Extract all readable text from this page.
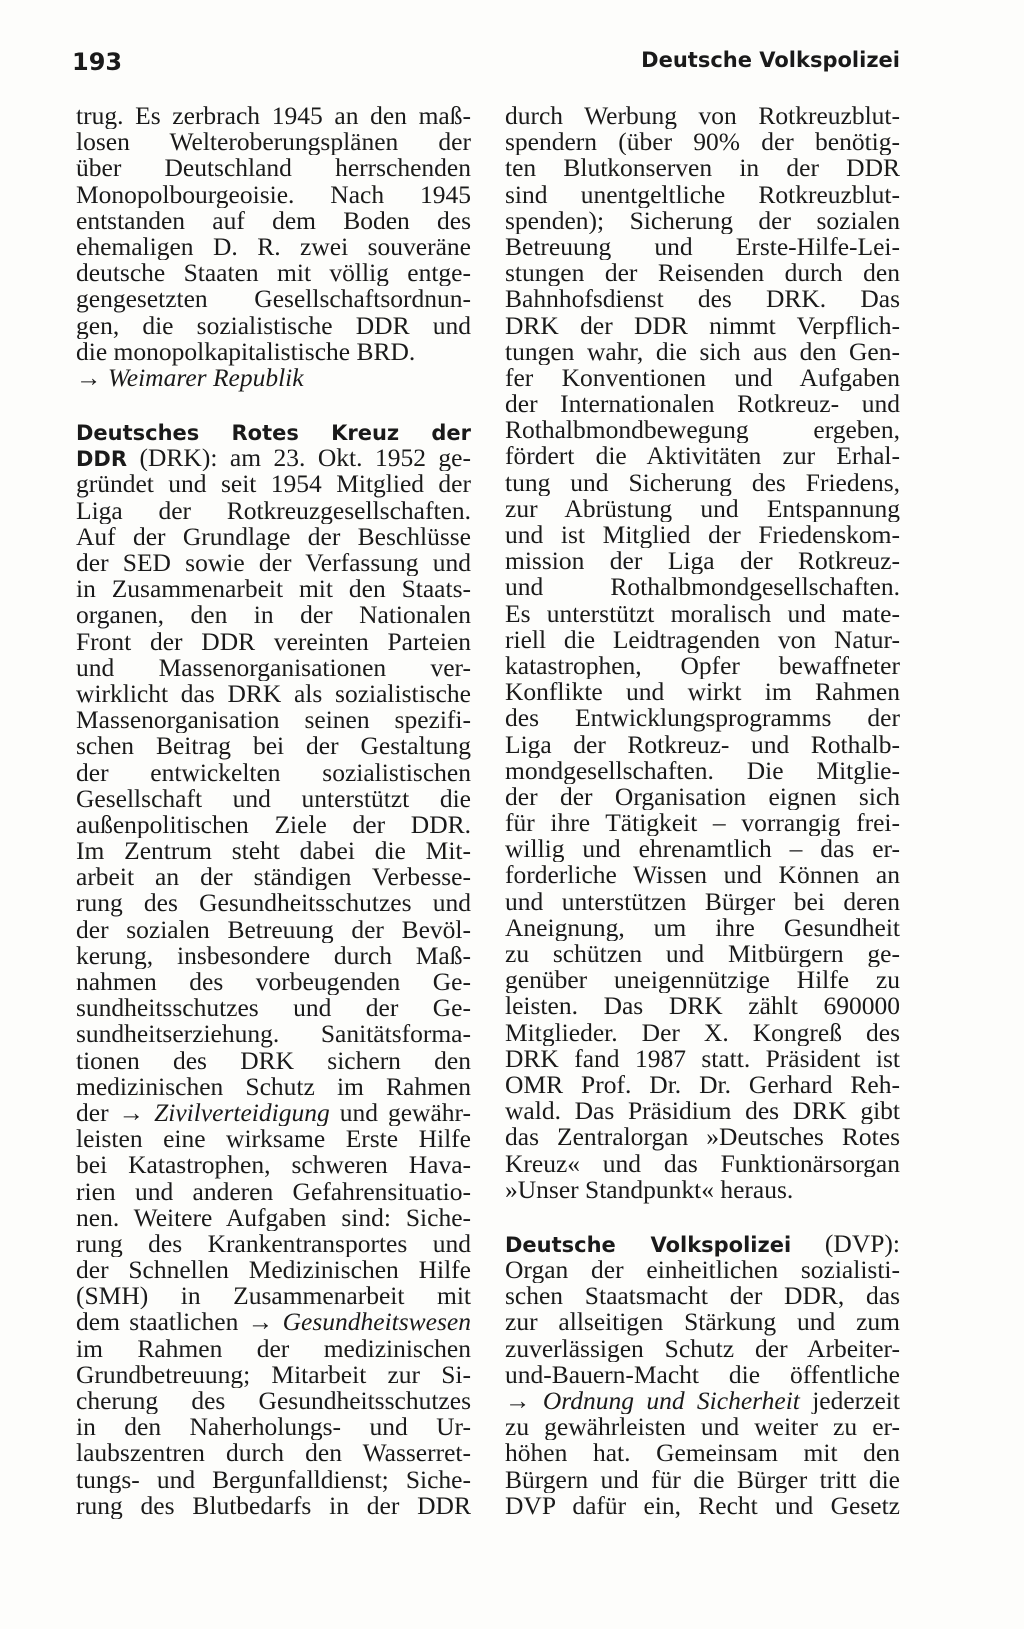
193	Deutsche Volkspolizei
trug. Es zerbrach 1945 an den maß-
losen Welteroberungsplänen der
über Deutschland herrschenden
Monopolbourgeoisie. Nach 1945
entstanden auf dem Boden des
ehemaligen D. R. zwei souveräne
deutsche Staaten mit völlig entge-
gengesetzten Gesellschaftsordnun-
gen, die sozialistische DDR und
die monopolkapitalistische BRD.
→ Weimarer Republik
Deutsches Rotes Kreuz der
DDR (DRK): am 23. Okt. 1952 ge-
gründet und seit 1954 Mitglied der
Liga der Rotkreuzgesellschaften.
Auf der Grundlage der Beschlüsse
der SED sowie der Verfassung und
in Zusammenarbeit mit den Staats-
organen, den in der Nationalen
Front der DDR vereinten Parteien
und Massenorganisationen ver-
wirklicht das DRK als sozialistische
Massenorganisation seinen spezifi-
schen Beitrag bei der Gestaltung
der entwickelten sozialistischen
Gesellschaft und unterstützt die
außenpolitischen Ziele der DDR.
Im Zentrum steht dabei die Mit-
arbeit an der ständigen Verbesse-
rung des Gesundheitsschutzes und
der sozialen Betreuung der Bevöl-
kerung, insbesondere durch Maß-
nahmen des vorbeugenden Ge-
sundheitsschutzes und der Ge-
sundheitserziehung. Sanitätsforma-
tionen des DRK sichern den
medizinischen Schutz im Rahmen
der → Zivilverteidigung und gewähr-
leisten eine wirksame Erste Hilfe
bei Katastrophen, schweren Hava-
rien und anderen Gefahrensituatio-
nen. Weitere Aufgaben sind: Siche-
rung des Krankentransportes und
der Schnellen Medizinischen Hilfe
(SMH) in Zusammenarbeit mit
dem staatlichen → Gesundheitswesen
im Rahmen der medizinischen
Grundbetreuung; Mitarbeit zur Si-
cherung des Gesundheitsschutzes
in den Naherholungs- und Ur-
laubszentren durch den Wasserret-
tungs- und Bergunfalldienst; Siche-
rung des Blutbedarfs in der DDR
durch Werbung von Rotkreuzblut-
spendern (über 90% der benötig-
ten Blutkonserven in der DDR
sind unentgeltliche Rotkreuzblut-
spenden); Sicherung der sozialen
Betreuung und Erste-Hilfe-Lei-
stungen der Reisenden durch den
Bahnhofsdienst des DRK. Das
DRK der DDR nimmt Verpflich-
tungen wahr, die sich aus den Gen-
fer Konventionen und Aufgaben
der Internationalen Rotkreuz- und
Rothalbmondbewegung ergeben,
fördert die Aktivitäten zur Erhal-
tung und Sicherung des Friedens,
zur Abrüstung und Entspannung
und ist Mitglied der Friedenskom-
mission der Liga der Rotkreuz-
und Rothalbmondgesellschaften.
Es unterstützt moralisch und mate-
riell die Leidtragenden von Natur-
katastrophen, Opfer bewaffneter
Konflikte und wirkt im Rahmen
des Entwicklungsprogramms der
Liga der Rotkreuz- und Rothalb-
mondgesellschaften. Die Mitglie-
der der Organisation eignen sich
für ihre Tätigkeit – vorrangig frei-
willig und ehrenamtlich – das er-
forderliche Wissen und Können an
und unterstützen Bürger bei deren
Aneignung, um ihre Gesundheit
zu schützen und Mitbürgern ge-
genüber uneigennützige Hilfe zu
leisten. Das DRK zählt 690000
Mitglieder. Der X. Kongreß des
DRK fand 1987 statt. Präsident ist
OMR Prof. Dr. Dr. Gerhard Reh-
wald. Das Präsidium des DRK gibt
das Zentralorgan »Deutsches Rotes
Kreuz« und das Funktionärsorgan
»Unser Standpunkt« heraus.
Deutsche Volkspolizei (DVP):
Organ der einheitlichen sozialisti-
schen Staatsmacht der DDR, das
zur allseitigen Stärkung und zum
zuverlässigen Schutz der Arbeiter-
und-Bauern-Macht die öffentliche
→ Ordnung und Sicherheit jederzeit
zu gewährleisten und weiter zu er-
höhen hat. Gemeinsam mit den
Bürgern und für die Bürger tritt die
DVP dafür ein, Recht und Gesetz
